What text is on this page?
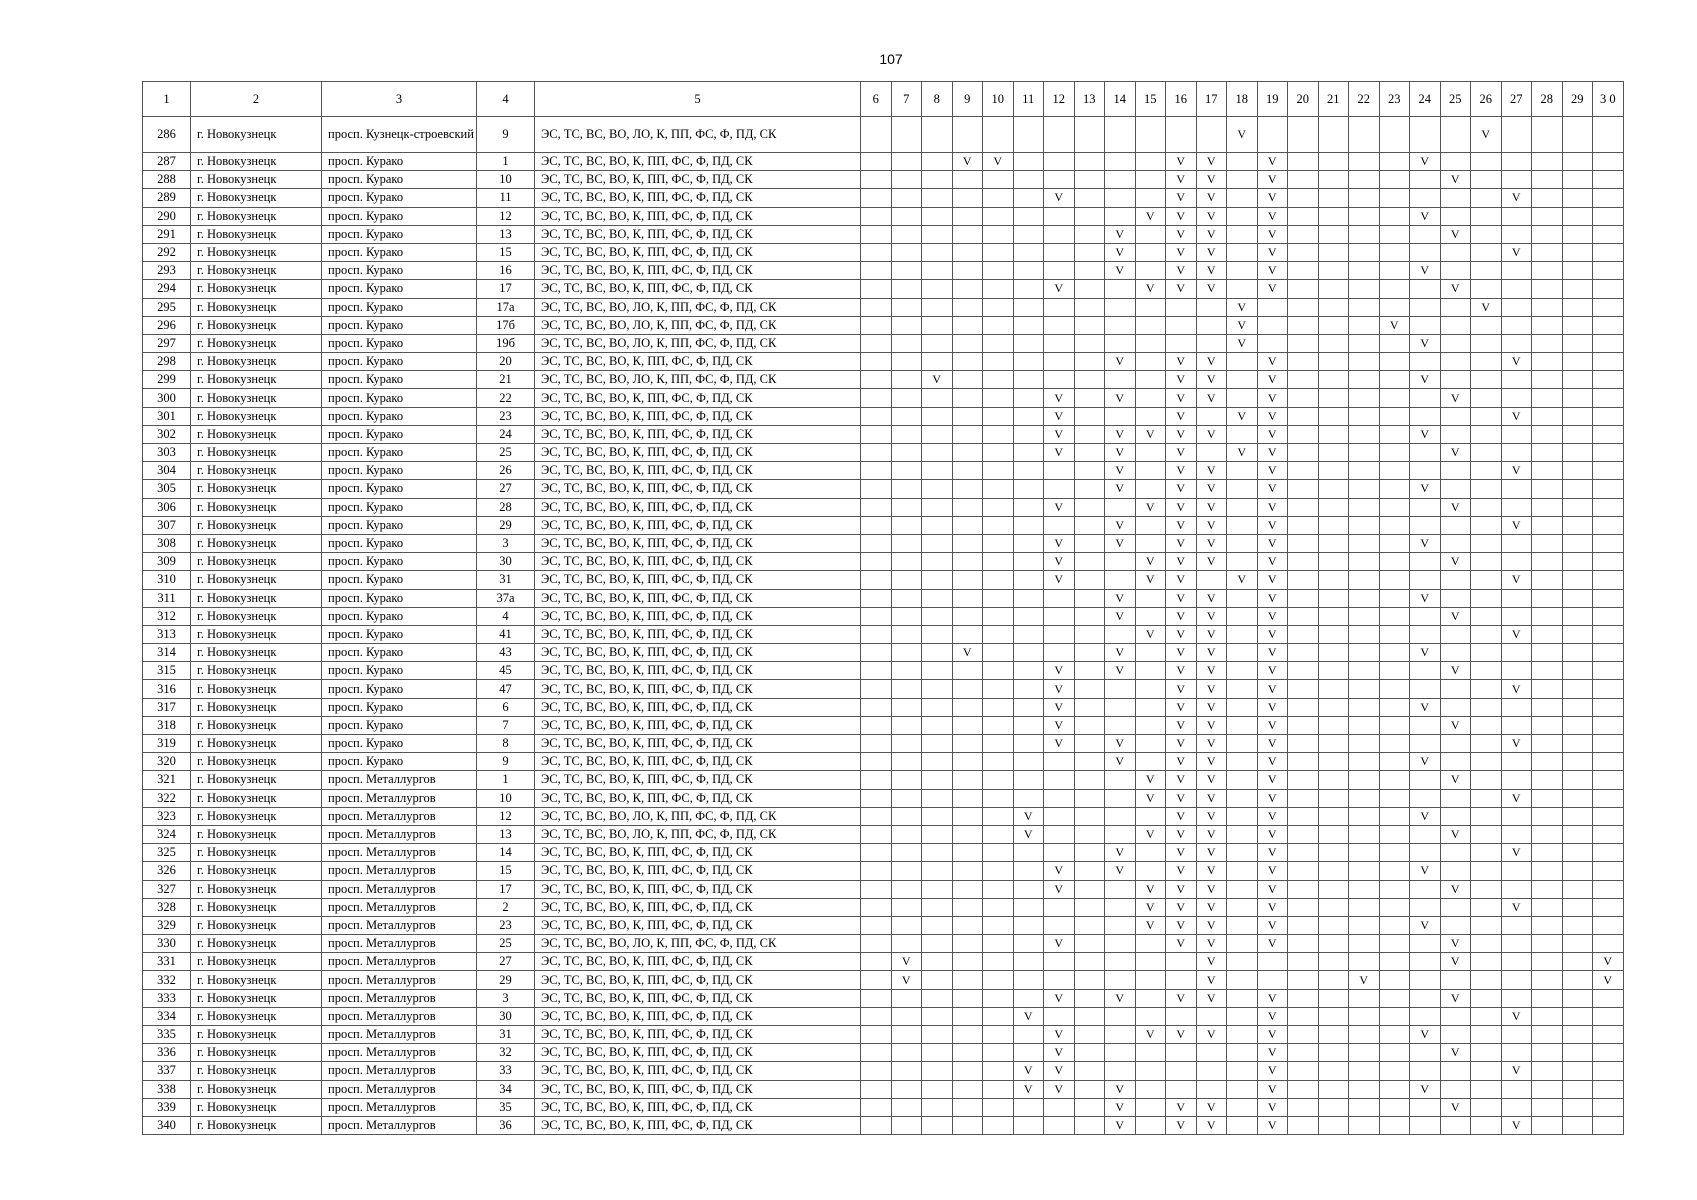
107
1	2	3	4	5	6	7	8	9	10	11	12	13	14	15	16	17	18	19	20	21	22	23	24	25	26	27	28	29	3 0
286	г. Новокузнецк	просп. Кузнецк-строевский	9	ЭС, ТС, ВС, ВО, ЛО, К, ПП, ФС, Ф, ПД, СК													V								V				
287	г. Новокузнецк	просп. Курако	1	ЭС, ТС, ВС, ВО, К, ПП, ФС, Ф, ПД, СК				V	V						V	V		V					V						
288	г. Новокузнецк	просп. Курако	10	ЭС, ТС, ВС, ВО, К, ПП, ФС, Ф, ПД, СК											V	V		V						V					
289	г. Новокузнецк	просп. Курако	11	ЭС, ТС, ВС, ВО, К, ПП, ФС, Ф, ПД, СК							V				V	V		V								V			
290	г. Новокузнецк	просп. Курако	12	ЭС, ТС, ВС, ВО, К, ПП, ФС, Ф, ПД, СК										V	V	V		V					V						
291	г. Новокузнецк	просп. Курако	13	ЭС, ТС, ВС, ВО, К, ПП, ФС, Ф, ПД, СК									V		V	V		V						V					
292	г. Новокузнецк	просп. Курако	15	ЭС, ТС, ВС, ВО, К, ПП, ФС, Ф, ПД, СК									V		V	V		V								V			
293	г. Новокузнецк	просп. Курако	16	ЭС, ТС, ВС, ВО, К, ПП, ФС, Ф, ПД, СК									V		V	V		V					V						
294	г. Новокузнецк	просп. Курако	17	ЭС, ТС, ВС, ВО, К, ПП, ФС, Ф, ПД, СК							V			V	V	V		V						V					
295	г. Новокузнецк	просп. Курако	17а	ЭС, ТС, ВС, ВО, ЛО, К, ПП, ФС, Ф, ПД, СК													V								V				
296	г. Новокузнецк	просп. Курако	17б	ЭС, ТС, ВС, ВО, ЛО, К, ПП, ФС, Ф, ПД, СК													V					V							
297	г. Новокузнецк	просп. Курако	19б	ЭС, ТС, ВС, ВО, ЛО, К, ПП, ФС, Ф, ПД, СК													V						V						
298	г. Новокузнецк	просп. Курако	20	ЭС, ТС, ВС, ВО, К, ПП, ФС, Ф, ПД, СК									V		V	V		V								V			
299	г. Новокузнецк	просп. Курако	21	ЭС, ТС, ВС, ВО, ЛО, К, ПП, ФС, Ф, ПД, СК			V								V	V		V					V						
300	г. Новокузнецк	просп. Курако	22	ЭС, ТС, ВС, ВО, К, ПП, ФС, Ф, ПД, СК							V		V		V	V		V						V					
301	г. Новокузнецк	просп. Курако	23	ЭС, ТС, ВС, ВО, К, ПП, ФС, Ф, ПД, СК							V				V		V	V								V			
302	г. Новокузнецк	просп. Курако	24	ЭС, ТС, ВС, ВО, К, ПП, ФС, Ф, ПД, СК							V		V	V	V	V		V					V						
303	г. Новокузнецк	просп. Курако	25	ЭС, ТС, ВС, ВО, К, ПП, ФС, Ф, ПД, СК							V		V		V		V	V						V					
304	г. Новокузнецк	просп. Курако	26	ЭС, ТС, ВС, ВО, К, ПП, ФС, Ф, ПД, СК									V		V	V		V								V			
305	г. Новокузнецк	просп. Курако	27	ЭС, ТС, ВС, ВО, К, ПП, ФС, Ф, ПД, СК									V		V	V		V					V						
306	г. Новокузнецк	просп. Курако	28	ЭС, ТС, ВС, ВО, К, ПП, ФС, Ф, ПД, СК							V			V	V	V		V						V					
307	г. Новокузнецк	просп. Курако	29	ЭС, ТС, ВС, ВО, К, ПП, ФС, Ф, ПД, СК									V		V	V		V								V			
308	г. Новокузнецк	просп. Курако	3	ЭС, ТС, ВС, ВО, К, ПП, ФС, Ф, ПД, СК							V		V		V	V		V					V						
309	г. Новокузнецк	просп. Курако	30	ЭС, ТС, ВС, ВО, К, ПП, ФС, Ф, ПД, СК							V			V	V	V		V						V					
310	г. Новокузнецк	просп. Курако	31	ЭС, ТС, ВС, ВО, К, ПП, ФС, Ф, ПД, СК							V			V	V		V	V								V			
311	г. Новокузнецк	просп. Курако	37а	ЭС, ТС, ВС, ВО, К, ПП, ФС, Ф, ПД, СК									V		V	V		V					V						
312	г. Новокузнецк	просп. Курако	4	ЭС, ТС, ВС, ВО, К, ПП, ФС, Ф, ПД, СК									V		V	V		V						V					
313	г. Новокузнецк	просп. Курако	41	ЭС, ТС, ВС, ВО, К, ПП, ФС, Ф, ПД, СК										V	V	V		V								V			
314	г. Новокузнецк	просп. Курако	43	ЭС, ТС, ВС, ВО, К, ПП, ФС, Ф, ПД, СК				V					V		V	V		V					V						
315	г. Новокузнецк	просп. Курако	45	ЭС, ТС, ВС, ВО, К, ПП, ФС, Ф, ПД, СК							V		V		V	V		V						V					
316	г. Новокузнецк	просп. Курако	47	ЭС, ТС, ВС, ВО, К, ПП, ФС, Ф, ПД, СК							V				V	V		V								V			
317	г. Новокузнецк	просп. Курако	6	ЭС, ТС, ВС, ВО, К, ПП, ФС, Ф, ПД, СК							V				V	V		V					V						
318	г. Новокузнецк	просп. Курако	7	ЭС, ТС, ВС, ВО, К, ПП, ФС, Ф, ПД, СК							V				V	V		V						V					
319	г. Новокузнецк	просп. Курако	8	ЭС, ТС, ВС, ВО, К, ПП, ФС, Ф, ПД, СК							V		V		V	V		V								V			
320	г. Новокузнецк	просп. Курако	9	ЭС, ТС, ВС, ВО, К, ПП, ФС, Ф, ПД, СК									V		V	V		V					V						
321	г. Новокузнецк	просп. Металлургов	1	ЭС, ТС, ВС, ВО, К, ПП, ФС, Ф, ПД, СК										V	V	V		V						V					
322	г. Новокузнецк	просп. Металлургов	10	ЭС, ТС, ВС, ВО, К, ПП, ФС, Ф, ПД, СК										V	V	V		V								V			
323	г. Новокузнецк	просп. Металлургов	12	ЭС, ТС, ВС, ВО, ЛО, К, ПП, ФС, Ф, ПД, СК						V					V	V		V					V						
324	г. Новокузнецк	просп. Металлургов	13	ЭС, ТС, ВС, ВО, ЛО, К, ПП, ФС, Ф, ПД, СК						V				V	V	V		V						V					
325	г. Новокузнецк	просп. Металлургов	14	ЭС, ТС, ВС, ВО, К, ПП, ФС, Ф, ПД, СК									V		V	V		V								V			
326	г. Новокузнецк	просп. Металлургов	15	ЭС, ТС, ВС, ВО, К, ПП, ФС, Ф, ПД, СК							V		V		V	V		V					V						
327	г. Новокузнецк	просп. Металлургов	17	ЭС, ТС, ВС, ВО, К, ПП, ФС, Ф, ПД, СК							V			V	V	V		V						V					
328	г. Новокузнецк	просп. Металлургов	2	ЭС, ТС, ВС, ВО, К, ПП, ФС, Ф, ПД, СК										V	V	V		V								V			
329	г. Новокузнецк	просп. Металлургов	23	ЭС, ТС, ВС, ВО, К, ПП, ФС, Ф, ПД, СК										V	V	V		V					V						
330	г. Новокузнецк	просп. Металлургов	25	ЭС, ТС, ВС, ВО, ЛО, К, ПП, ФС, Ф, ПД, СК							V				V	V		V						V					
331	г. Новокузнецк	просп. Металлургов	27	ЭС, ТС, ВС, ВО, К, ПП, ФС, Ф, ПД, СК		V										V								V					V
332	г. Новокузнецк	просп. Металлургов	29	ЭС, ТС, ВС, ВО, К, ПП, ФС, Ф, ПД, СК		V										V					V								V
333	г. Новокузнецк	просп. Металлургов	3	ЭС, ТС, ВС, ВО, К, ПП, ФС, Ф, ПД, СК							V		V		V	V		V						V					
334	г. Новокузнецк	просп. Металлургов	30	ЭС, ТС, ВС, ВО, К, ПП, ФС, Ф, ПД, СК						V								V								V			
335	г. Новокузнецк	просп. Металлургов	31	ЭС, ТС, ВС, ВО, К, ПП, ФС, Ф, ПД, СК							V			V	V	V		V					V						
336	г. Новокузнецк	просп. Металлургов	32	ЭС, ТС, ВС, ВО, К, ПП, ФС, Ф, ПД, СК							V							V						V					
337	г. Новокузнецк	просп. Металлургов	33	ЭС, ТС, ВС, ВО, К, ПП, ФС, Ф, ПД, СК						V	V							V								V			
338	г. Новокузнецк	просп. Металлургов	34	ЭС, ТС, ВС, ВО, К, ПП, ФС, Ф, ПД, СК						V	V		V					V					V						
339	г. Новокузнецк	просп. Металлургов	35	ЭС, ТС, ВС, ВО, К, ПП, ФС, Ф, ПД, СК									V		V	V		V						V					
340	г. Новокузнецк	просп. Металлургов	36	ЭС, ТС, ВС, ВО, К, ПП, ФС, Ф, ПД, СК									V		V	V		V								V			
